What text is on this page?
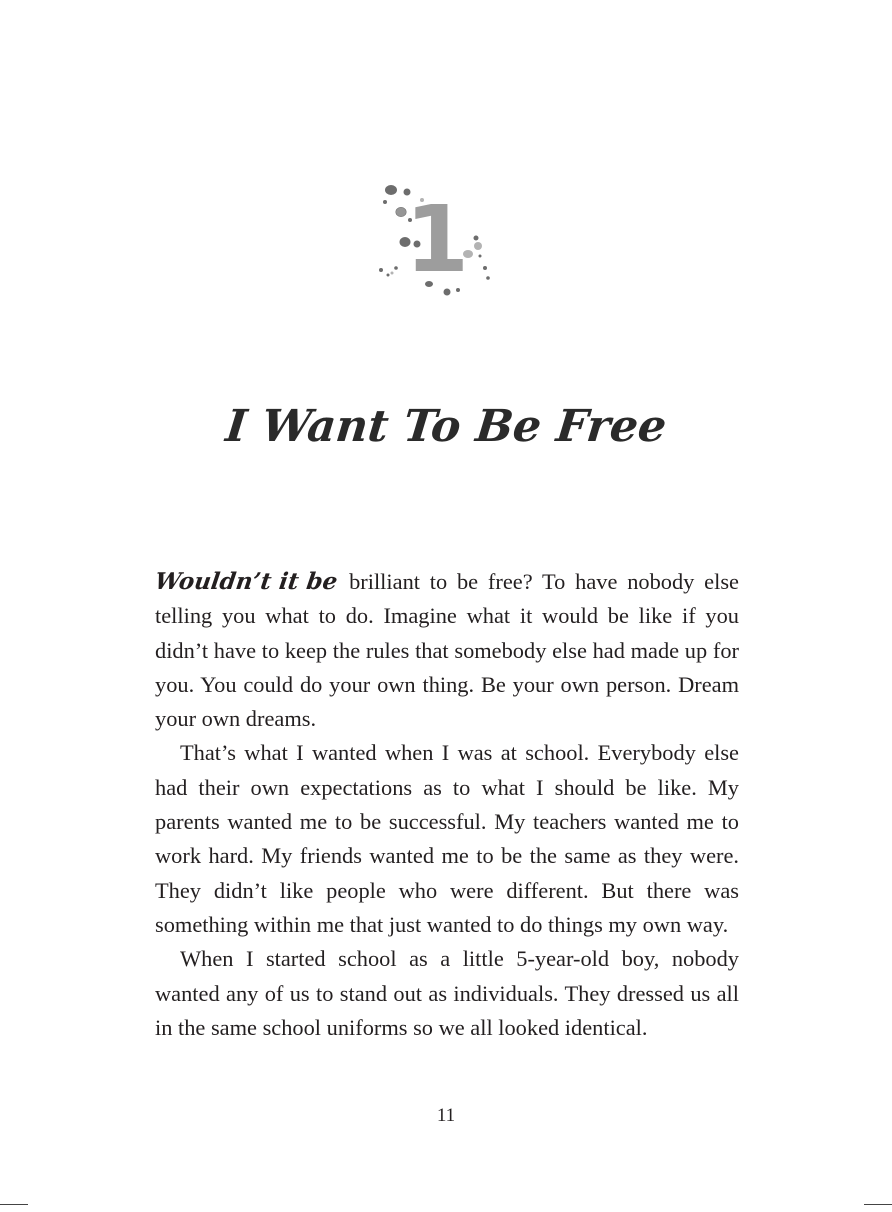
1
I Want To Be Free

Wouldn’t it be brilliant to be free? To have nobody else telling you what to do. Imagine what it would be like if you didn’t have to keep the rules that somebody else had made up for you. You could do your own thing. Be your own person. Dream your own dreams.

That’s what I wanted when I was at school. Everybody else had their own expectations as to what I should be like. My parents wanted me to be successful. My teachers wanted me to work hard. My friends wanted me to be the same as they were. They didn’t like people who were different. But there was something within me that just wanted to do things my own way.

When I started school as a little 5-year-old boy, nobody wanted any of us to stand out as individuals. They dressed us all in the same school uniforms so we all looked identical.

11
